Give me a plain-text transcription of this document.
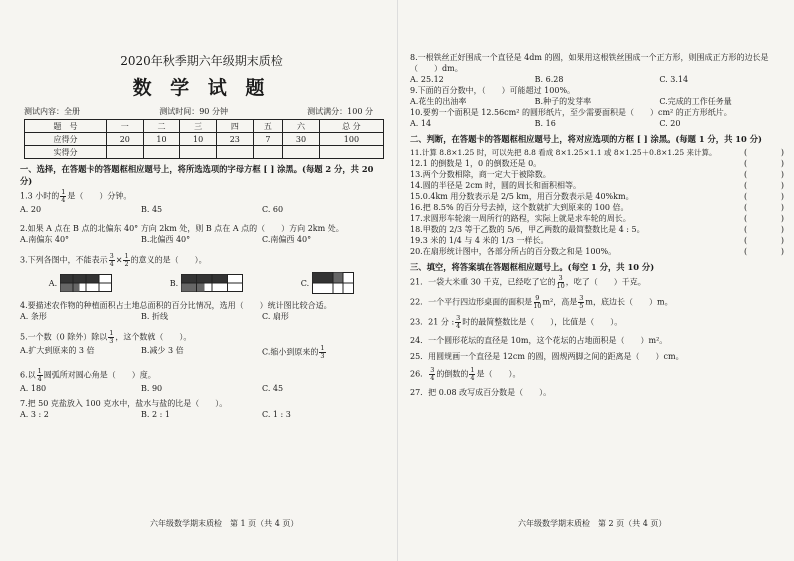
2020年秋季期六年级期末质检

数 学 试 题

测试内容：全册	测试时间：90 分钟	测试满分：100 分
题　号	一	二	三	四	五	六	总 分
应得分	20	10	10	23	7	30	100
实得分							

一、选择，在答题卡的答题框相应题号上，将所选选项的字母方框 [ ] 涂黑。(每题 2 分，共 20 分)

1.3 小时的 $\frac{1}{4}$ 是（　　）分钟。

A. 20	B. 45	C. 60

2.如果 A 点在 B 点的北偏东 40° 方向 2km 处，则 B 点在 A 点的（　　）方向 2km 处。

A.南偏东 40°	B.北偏西 40°	C.南偏西 40°

3.下列各图中，不能表示 $\frac{3}{4} \times \frac{1}{2}$ 的意义的是（　　）。

A.	B.	C.

4.要描述农作物的种植面积占土地总面积的百分比情况，选用（　　）统计图比较合适。

A. 条形	B. 折线	C. 扇形

5.一个数（0 除外）除以 $\frac{1}{3}$ ，这个数就（　　）。

A.扩大到原来的 3 倍	B.减少 3 倍	C.缩小到原来的 $\frac{1}{3}$

6.以 $\frac{1}{4}$ 圆弧所对圆心角是（　　）度。

A. 180	B. 90	C. 45

7.把 50 克盐放入 100 克水中，盐水与盐的比是（　　）。

A. 3 : 2	B. 2 : 1	C. 1 : 3
六年级数学期末质检　第 1 页（共 4 页）

8.一根铁丝正好围成一个直径是 4dm 的圆，如果用这根铁丝围成一个正方形，则围成正方形的边长是（　　）dm。

A. 25.12	B. 6.28	C. 3.14

9.下面的百分数中，（　　）可能超过 100%。

A.花生的出油率	B.种子的发芽率	C.完成的工作任务量

10.要剪一个面积是 12.56cm² 的圆形纸片，至少需要面积是（　　）cm² 的正方形纸片。

A. 14	B. 16	C. 20

二、判断，在答题卡的答题框相应题号上，将对应选项的方框 [ ] 涂黑。(每题 1 分，共 10 分)

11.计算 8.8×1.25 时，可以先把 8.8 看成 8×1.25×1.1 或 8×1.25＋0.8×1.25 来计算。	(	)
12.1 的倒数是 1，0 的倒数还是 0。	(	)
13.两个分数相除，商一定大于被除数。	(	)
14.圆的半径是 2cm 时，圆的周长和面积相等。	(	)
15.0.4km 用分数表示是 2/5 km，用百分数表示是 40%km。	(	)
16.把 8.5% 的百分号去掉，这个数就扩大到原来的 100 倍。	(	)
17.求圆形车轮滚一周所行的路程，实际上就是求车轮的周长。	(	)
18.甲数的 2/3 等于乙数的 5/6，甲乙两数的最简整数比是 4 : 5。	(	)
19.3 米的 1/4 与 4 米的 1/3 一样长。	(	)
20.在扇形统计图中，各部分所占的百分数之和是 100%。	(	)

三、填空，将答案填在答题框相应题号上。(每空 1 分，共 10 分)

21．一袋大米重 30 千克，已经吃了它的 $\frac{3}{10}$ ，吃了（　　）千克。

22．一个平行四边形桌面的面积是 $\frac{9}{10} m^2$，高是 $\frac{3}{5}$ m，底边长（　　）m。

23．21 分 : $\frac{3}{4}$ 时的最简整数比是（　　），比值是（　　）。

24．一个圆形花坛的直径是 10m，这个花坛的占地面积是（　　）m²。

25．用圆规画一个直径是 12cm 的圆，圆规两脚之间的距离是（　　）cm。

26． $\frac{3}{4}$ 的倒数的 $\frac{1}{4}$ 是（　　）。

27．把 0.08 改写成百分数是（　　）。

六年级数学期末质检　第 2 页（共 4 页）
